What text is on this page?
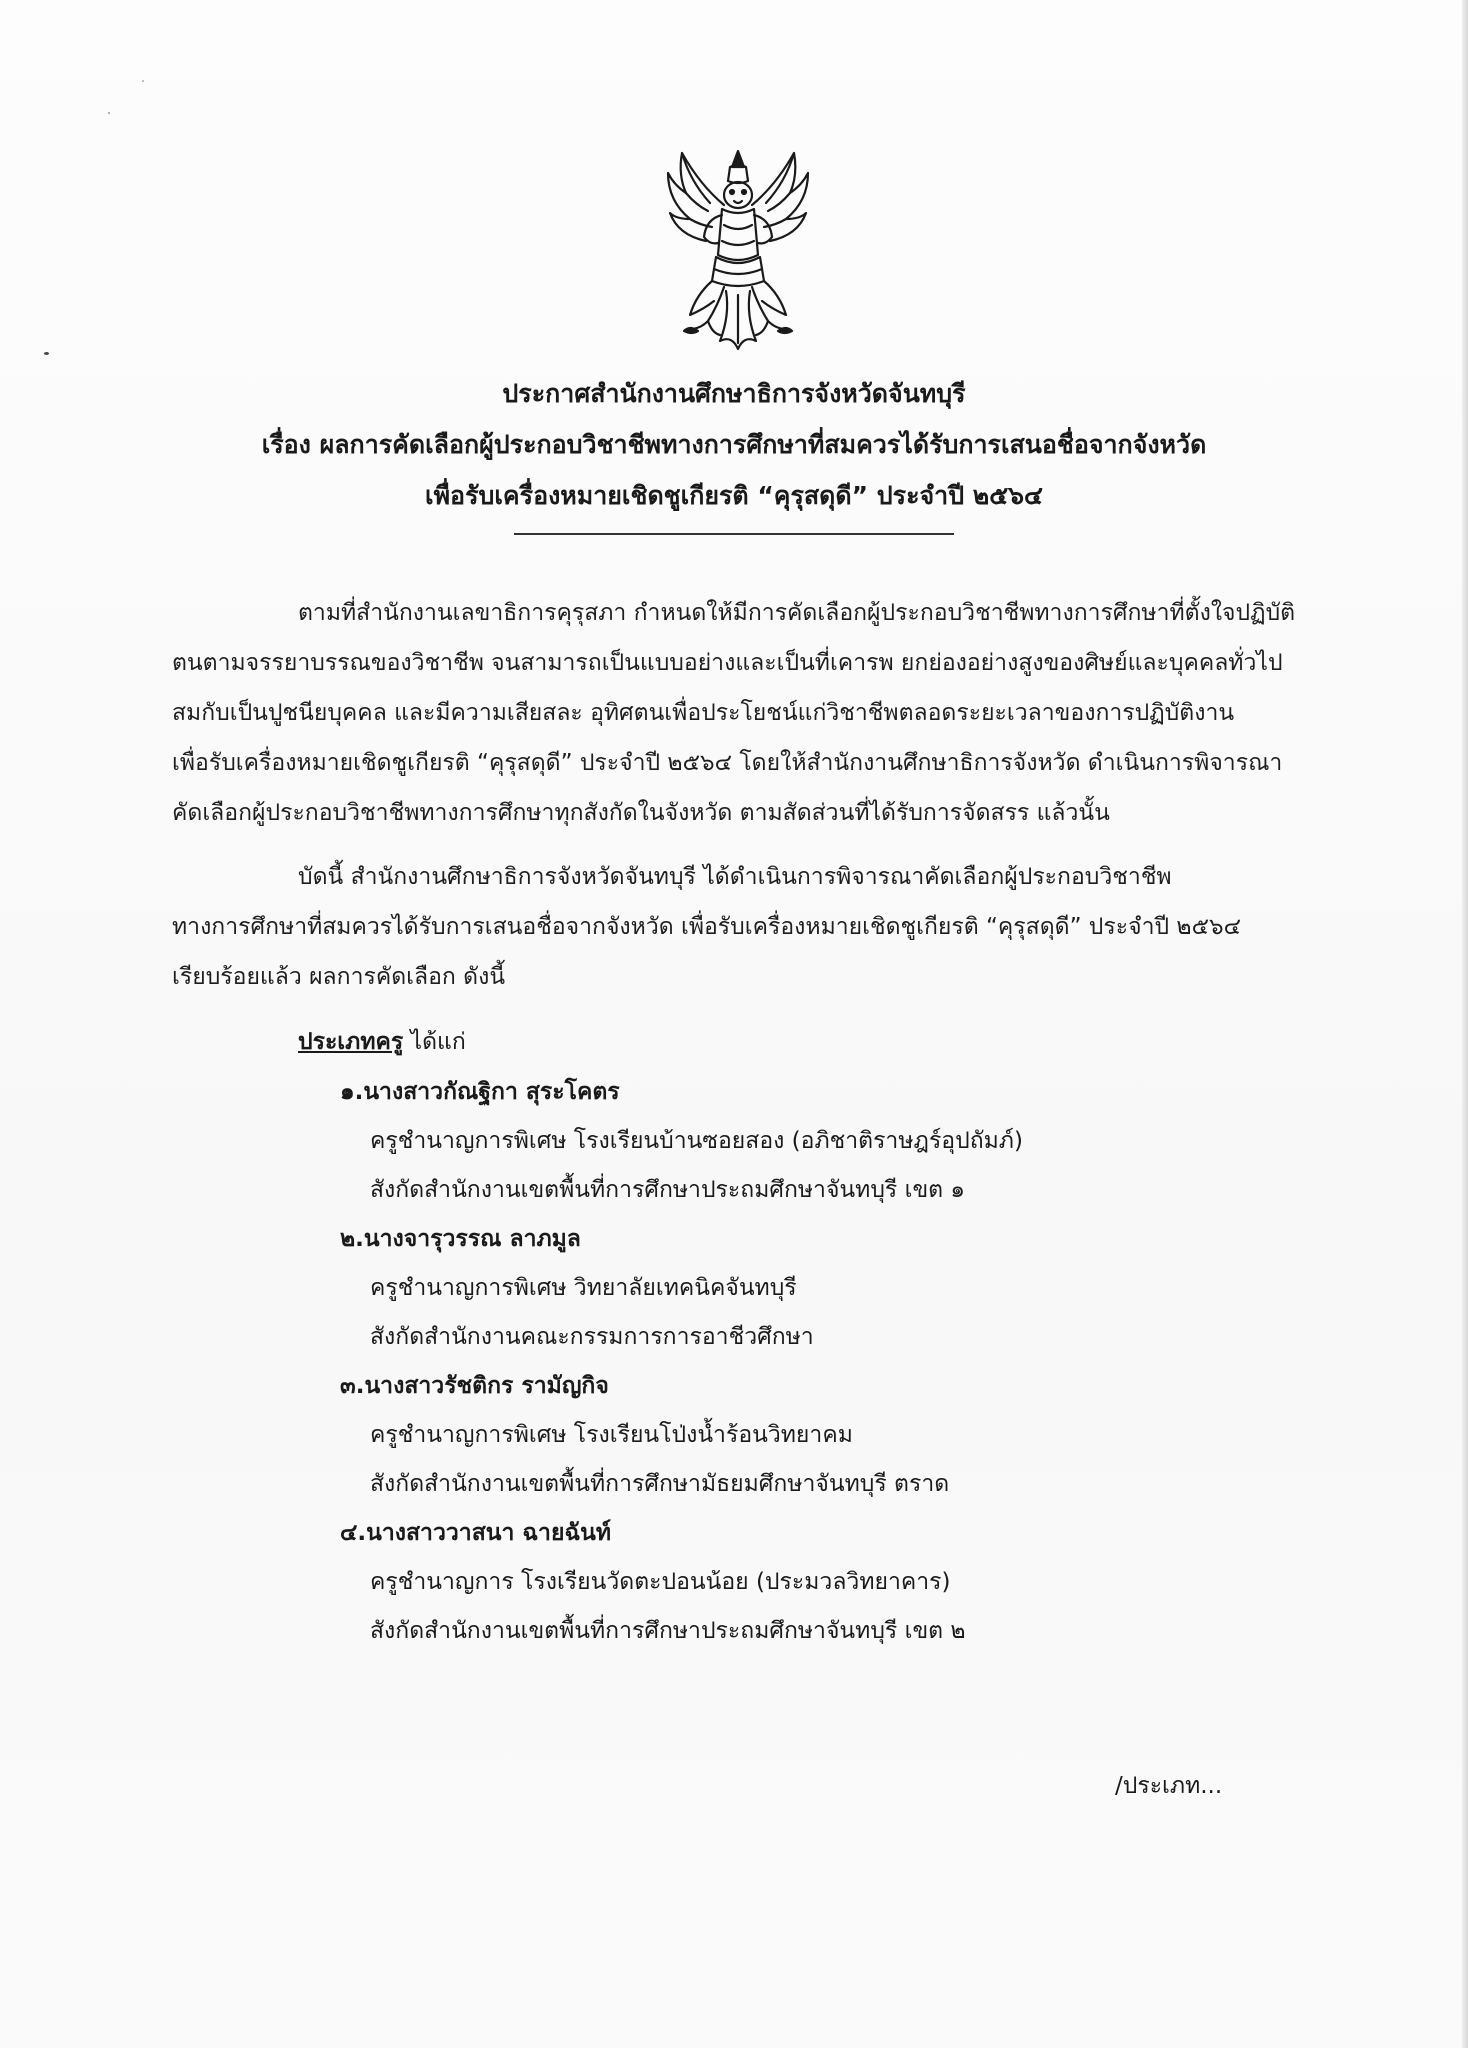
ประกาศสำนักงานศึกษาธิการจังหวัดจันทบุรี
เรื่อง ผลการคัดเลือกผู้ประกอบวิชาชีพทางการศึกษาที่สมควรได้รับการเสนอชื่อจากจังหวัด
เพื่อรับเครื่องหมายเชิดชูเกียรติ “คุรุสดุดี” ประจำปี ๒๕๖๔
ตามที่สำนักงานเลขาธิการคุรุสภา กำหนดให้มีการคัดเลือกผู้ประกอบวิชาชีพทางการศึกษาที่ตั้งใจปฏิบัติ
ตนตามจรรยาบรรณของวิชาชีพ จนสามารถเป็นแบบอย่างและเป็นที่เคารพ ยกย่องอย่างสูงของศิษย์และบุคคลทั่วไป
สมกับเป็นปูชนียบุคคล และมีความเสียสละ อุทิศตนเพื่อประโยชน์แก่วิชาชีพตลอดระยะเวลาของการปฏิบัติงาน
เพื่อรับเครื่องหมายเชิดชูเกียรติ “คุรุสดุดี” ประจำปี ๒๕๖๔ โดยให้สำนักงานศึกษาธิการจังหวัด ดำเนินการพิจารณา
คัดเลือกผู้ประกอบวิชาชีพทางการศึกษาทุกสังกัดในจังหวัด ตามสัดส่วนที่ได้รับการจัดสรร แล้วนั้น
บัดนี้ สำนักงานศึกษาธิการจังหวัดจันทบุรี ได้ดำเนินการพิจารณาคัดเลือกผู้ประกอบวิชาชีพ
ทางการศึกษาที่สมควรได้รับการเสนอชื่อจากจังหวัด เพื่อรับเครื่องหมายเชิดชูเกียรติ “คุรุสดุดี” ประจำปี ๒๕๖๔
เรียบร้อยแล้ว ผลการคัดเลือก ดังนี้
ประเภทครู ได้แก่
๑.นางสาวกัณฐิกา สุระโคตร
ครูชำนาญการพิเศษ โรงเรียนบ้านซอยสอง (อภิชาติราษฎร์อุปถัมภ์)
สังกัดสำนักงานเขตพื้นที่การศึกษาประถมศึกษาจันทบุรี เขต ๑
๒.นางจารุวรรณ ลาภมูล
ครูชำนาญการพิเศษ วิทยาลัยเทคนิคจันทบุรี
สังกัดสำนักงานคณะกรรมการการอาชีวศึกษา
๓.นางสาวรัชติกร รามัญกิจ
ครูชำนาญการพิเศษ โรงเรียนโป่งน้ำร้อนวิทยาคม
สังกัดสำนักงานเขตพื้นที่การศึกษามัธยมศึกษาจันทบุรี ตราด
๔.นางสาววาสนา ฉายฉันท์
ครูชำนาญการ โรงเรียนวัดตะปอนน้อย (ประมวลวิทยาคาร)
สังกัดสำนักงานเขตพื้นที่การศึกษาประถมศึกษาจันทบุรี เขต ๒
/ประเภท...
